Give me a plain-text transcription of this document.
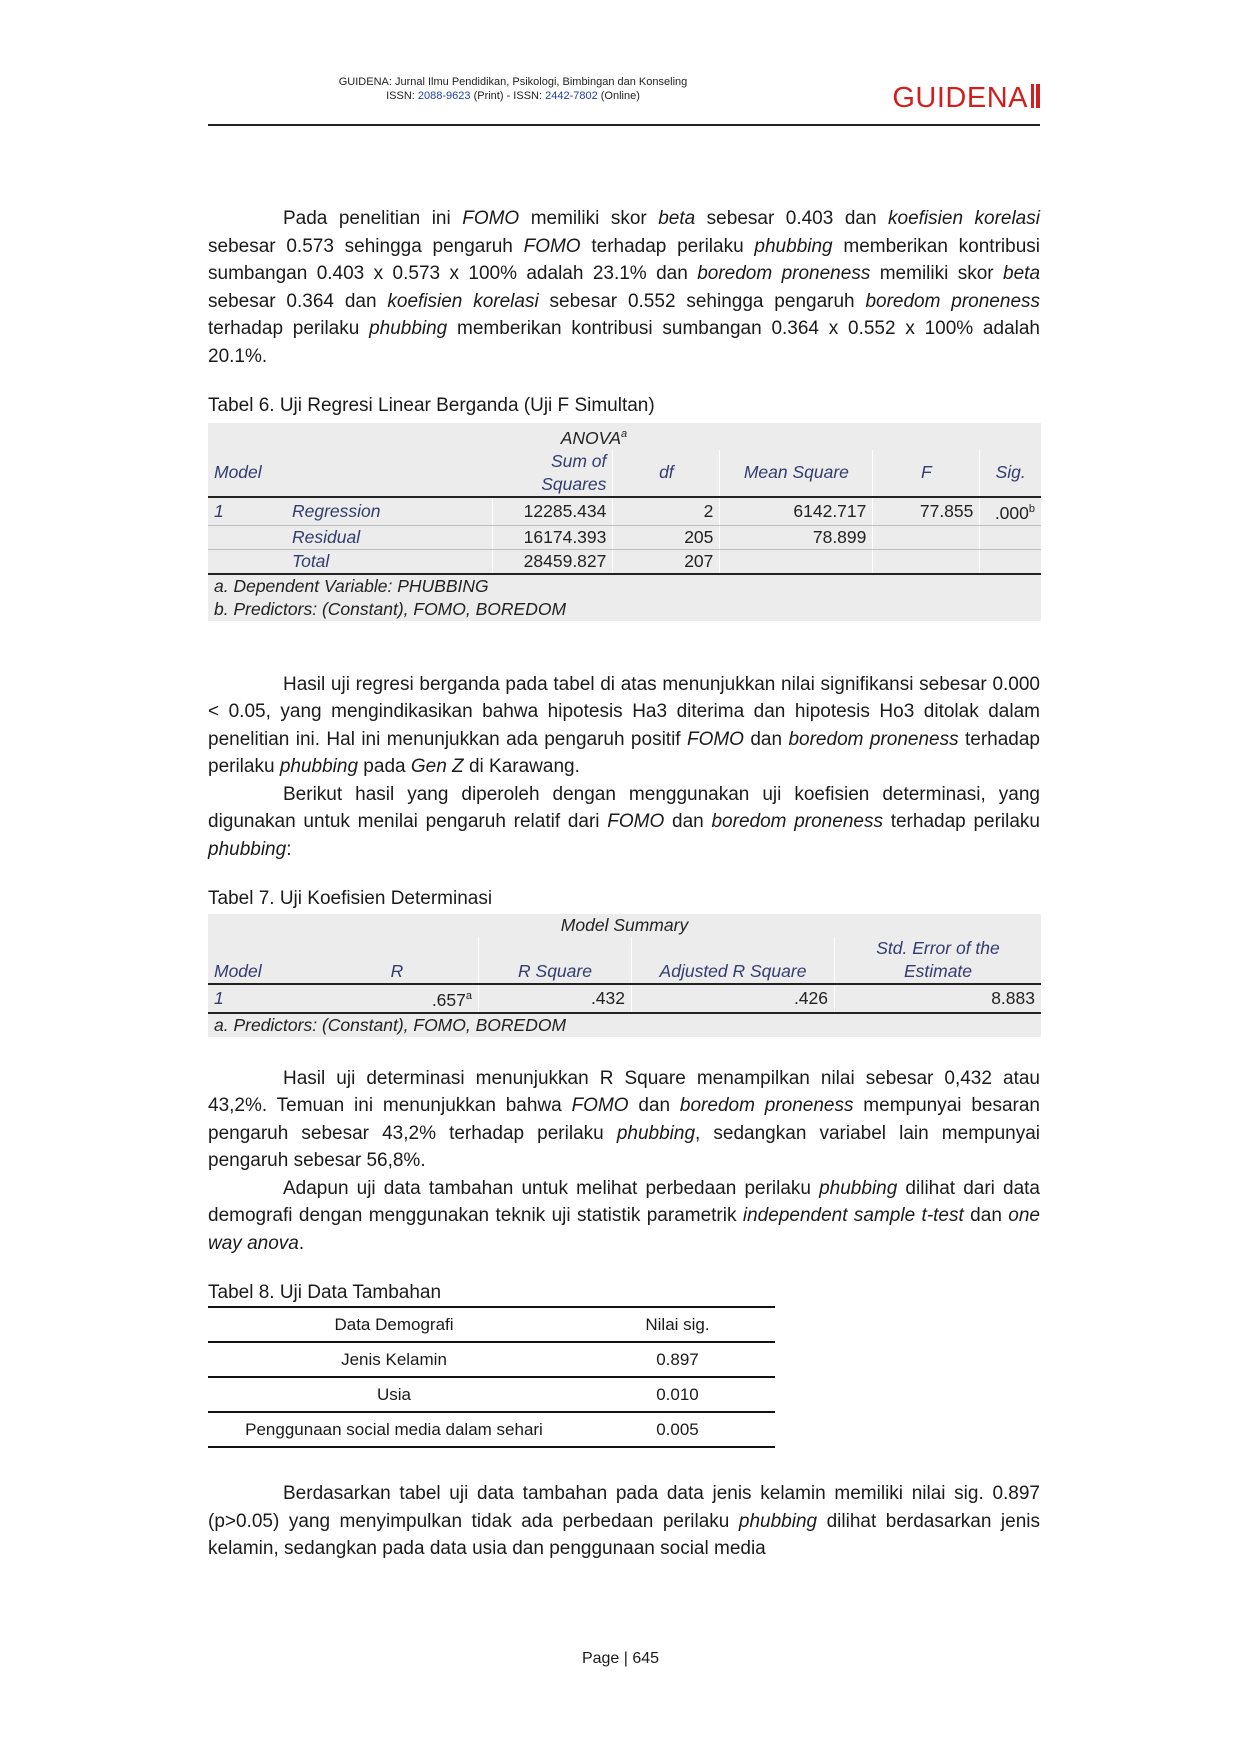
GUIDENA: Jurnal Ilmu Pendidikan, Psikologi, Bimbingan dan Konseling
ISSN: 2088-9623 (Print) - ISSN: 2442-7802 (Online)	GUIDENA

Pada penelitian ini FOMO memiliki skor beta sebesar 0.403 dan koefisien korelasi sebesar 0.573 sehingga pengaruh FOMO terhadap perilaku phubbing memberikan kontribusi sumbangan 0.403 x 0.573 x 100% adalah 23.1% dan boredom proneness memiliki skor beta sebesar 0.364 dan koefisien korelasi sebesar 0.552 sehingga pengaruh boredom proneness terhadap perilaku phubbing memberikan kontribusi sumbangan 0.364 x 0.552 x 100% adalah 20.1%.

Tabel 6. Uji Regresi Linear Berganda (Uji F Simultan)
ANOVA$^a$
Model		Sum of Squares	df	Mean Square	F	Sig.
1	Regression	12285.434	2	6142.717	77.855	.000$^b$
	Residual	16174.393	205	78.899		
	Total	28459.827	207			
a. Dependent Variable: PHUBBING						
b. Predictors: (Constant), FOMO, BOREDOM						

Hasil uji regresi berganda pada tabel di atas menunjukkan nilai signifikansi sebesar 0.000 < 0.05, yang mengindikasikan bahwa hipotesis Ha3 diterima dan hipotesis Ho3 ditolak dalam penelitian ini. Hal ini menunjukkan ada pengaruh positif FOMO dan boredom proneness terhadap perilaku phubbing pada Gen Z di Karawang.

Berikut hasil yang diperoleh dengan menggunakan uji koefisien determinasi, yang digunakan untuk menilai pengaruh relatif dari FOMO dan boredom proneness terhadap perilaku phubbing:

Tabel 7. Uji Koefisien Determinasi
Model Summary				
				Std. Error of the
Model	R	R Square	Adjusted R Square	Estimate
1	.657$^a$	.432	.426	8.883
a. Predictors: (Constant), FOMO, BOREDOM				

Hasil uji determinasi menunjukkan R Square menampilkan nilai sebesar 0,432 atau 43,2%. Temuan ini menunjukkan bahwa FOMO dan boredom proneness mempunyai besaran pengaruh sebesar 43,2% terhadap perilaku phubbing, sedangkan variabel lain mempunyai pengaruh sebesar 56,8%.

Adapun uji data tambahan untuk melihat perbedaan perilaku phubbing dilihat dari data demografi dengan menggunakan teknik uji statistik parametrik independent sample t-test dan one way anova.

Tabel 8. Uji Data Tambahan
Data Demografi	Nilai sig.
Jenis Kelamin	0.897
Usia	0.010
Penggunaan social media dalam sehari	0.005

Berdasarkan tabel uji data tambahan pada data jenis kelamin memiliki nilai sig. 0.897 (p>0.05) yang menyimpulkan tidak ada perbedaan perilaku phubbing dilihat berdasarkan jenis kelamin, sedangkan pada data usia dan penggunaan social media

Page | 645
